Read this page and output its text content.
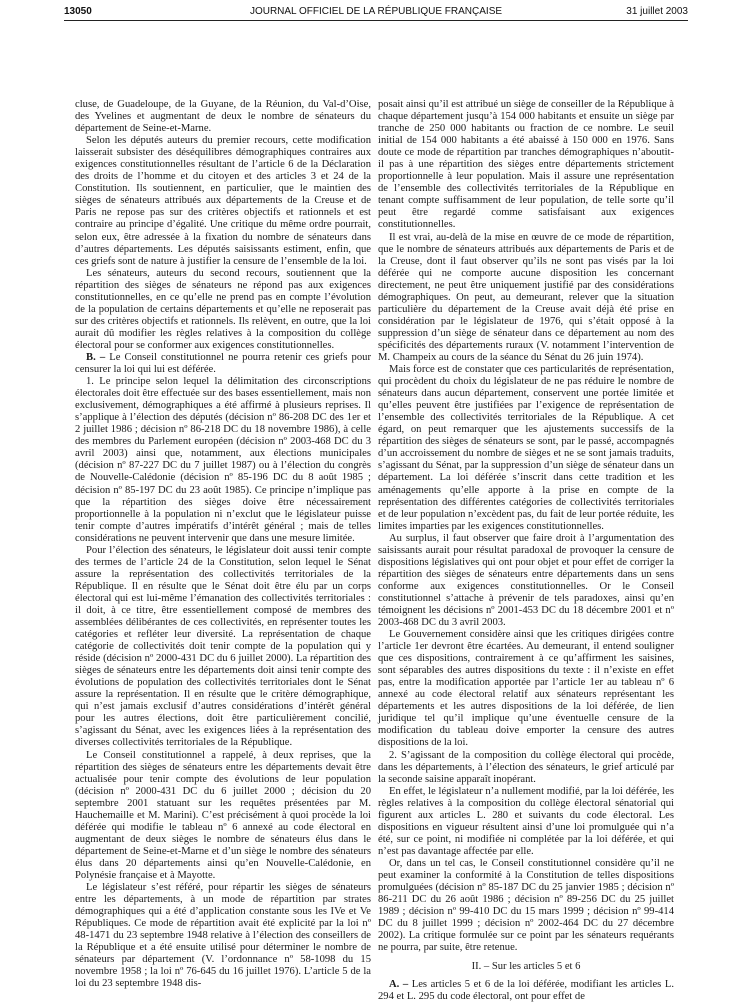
13050	JOURNAL OFFICIEL DE LA RÉPUBLIQUE FRANÇAISE	31 juillet 2003

cluse, de Guadeloupe, de la Guyane, de la Réunion, du Val-d’Oise, des Yvelines et augmentant de deux le nombre de sénateurs du département de Seine-et-Marne.

Selon les députés auteurs du premier recours, cette modification laisserait subsister des déséquilibres démographiques contraires aux exigences constitutionnelles résultant de l’article 6 de la Déclaration des droits de l’homme et du citoyen et des articles 3 et 24 de la Constitution. Ils soutiennent, en particulier, que le maintien des sièges de sénateurs attribués aux départements de la Creuse et de Paris ne repose pas sur des critères objectifs et rationnels et est contraire au principe d’égalité. Une critique du même ordre pourrait, selon eux, être adressée à la fixation du nombre de sénateurs dans d’autres départements. Les députés saisissants estiment, enfin, que ces griefs sont de nature à justifier la censure de l’ensemble de la loi.

Les sénateurs, auteurs du second recours, soutiennent que la répartition des sièges de sénateurs ne répond pas aux exigences constitutionnelles, en ce qu’elle ne prend pas en compte l’évolution de la population de certains départements et qu’elle ne reposerait pas sur des critères objectifs et rationnels. Ils relèvent, en outre, que la loi aurait dû modifier les règles relatives à la composition du collège électoral pour se conformer aux exigences constitutionnelles.

B. – Le Conseil constitutionnel ne pourra retenir ces griefs pour censurer la loi qui lui est déférée.

1. Le principe selon lequel la délimitation des circonscriptions électorales doit être effectuée sur des bases essentiellement, mais non exclusivement, démographiques a été affirmé à plusieurs reprises. Il s’applique à l’élection des députés (décision nº 86-208 DC des 1er et 2 juillet 1986 ; décision nº 86-218 DC du 18 novembre 1986), à celle des membres du Parlement européen (décision nº 2003-468 DC du 3 avril 2003) ainsi que, notamment, aux élections municipales (décision nº 87-227 DC du 7 juillet 1987) ou à l’élection du congrès de Nouvelle-Calédonie (décision nº 85-196 DC du 8 août 1985 ; décision nº 85-197 DC du 23 août 1985). Ce principe n’implique pas que la répartition des sièges doive être nécessairement proportionnelle à la population ni n’exclut que le législateur puisse tenir compte d’autres impératifs d’intérêt général ; mais de telles considérations ne peuvent intervenir que dans une mesure limitée.

Pour l’élection des sénateurs, le législateur doit aussi tenir compte des termes de l’article 24 de la Constitution, selon lequel le Sénat assure la représentation des collectivités territoriales de la République. Il en résulte que le Sénat doit être élu par un corps électoral qui est lui-même l’émanation des collectivités territoriales : il doit, à ce titre, être essentiellement composé de membres des assemblées délibérantes de ces collectivités, en représenter toutes les catégories et refléter leur diversité. La représentation de chaque catégorie de collectivités doit tenir compte de la population qui y réside (décision nº 2000-431 DC du 6 juillet 2000). La répartition des sièges de sénateurs entre les départements doit ainsi tenir compte des évolutions de population des collectivités territoriales dont le Sénat assure la représentation. Il en résulte que le critère démographique, qui n’est jamais exclusif d’autres considérations d’intérêt général pour les autres élections, doit être particulièrement concilié, s’agissant du Sénat, avec les exigences liées à la représentation des diverses collectivités territoriales de la République.

Le Conseil constitutionnel a rappelé, à deux reprises, que la répartition des sièges de sénateurs entre les départements devait être actualisée pour tenir compte des évolutions de leur population (décision nº 2000-431 DC du 6 juillet 2000 ; décision du 20 septembre 2001 statuant sur les requêtes présentées par M. Hauchemaille et M. Marini). C’est précisément à quoi procède la loi déférée qui modifie le tableau nº 6 annexé au code électoral en augmentant de deux sièges le nombre de sénateurs élus dans le département de Seine-et-Marne et d’un siège le nombre des sénateurs élus dans 20 départements ainsi qu’en Nouvelle-Calédonie, en Polynésie française et à Mayotte.

Le législateur s’est référé, pour répartir les sièges de sénateurs entre les départements, à un mode de répartition par strates démographiques qui a été d’application constante sous les IVe et Ve Républiques. Ce mode de répartition avait été explicité par la loi nº 48-1471 du 23 septembre 1948 relative à l’élection des conseillers de la République et a été ensuite utilisé pour déterminer le nombre de sénateurs par département (V. l’ordonnance nº 58-1098 du 15 novembre 1958 ; la loi nº 76-645 du 16 juillet 1976). L’article 5 de la loi du 23 septembre 1948 dis-

posait ainsi qu’il est attribué un siège de conseiller de la République à chaque département jusqu’à 154 000 habitants et ensuite un siège par tranche de 250 000 habitants ou fraction de ce nombre. Le seuil initial de 154 000 habitants a été abaissé à 150 000 en 1976. Sans doute ce mode de répartition par tranches démographiques n’aboutit-il pas à une répartition des sièges entre départements strictement proportionnelle à leur population. Mais il assure une représentation de l’ensemble des collectivités territoriales de la République en tenant compte suffisamment de leur population, de telle sorte qu’il peut être regardé comme satisfaisant aux exigences constitutionnelles.

Il est vrai, au-delà de la mise en œuvre de ce mode de répartition, que le nombre de sénateurs attribués aux départements de Paris et de la Creuse, dont il faut observer qu’ils ne sont pas visés par la loi déférée qui ne comporte aucune disposition les concernant directement, ne peut être uniquement justifié par des considérations démographiques. On peut, au demeurant, relever que la situation particulière du département de la Creuse avait déjà été prise en considération par le législateur de 1976, qui s’était opposé à la suppression d’un siège de sénateur dans ce département au nom des spécificités des départements ruraux (V. notamment l’intervention de M. Champeix au cours de la séance du Sénat du 26 juin 1974).

Mais force est de constater que ces particularités de représentation, qui procèdent du choix du législateur de ne pas réduire le nombre de sénateurs dans aucun département, conservent une portée limitée et qu’elles peuvent être justifiées par l’exigence de représentation de l’ensemble des collectivités territoriales de la République. A cet égard, on peut remarquer que les ajustements successifs de la répartition des sièges de sénateurs se sont, par le passé, accompagnés d’un accroissement du nombre de sièges et ne se sont jamais traduits, s’agissant du Sénat, par la suppression d’un siège de sénateur dans un département. La loi déférée s’inscrit dans cette tradition et les aménagements qu’elle apporte à la prise en compte de la représentation des différentes catégories de collectivités territoriales et de leur population n’excèdent pas, du fait de leur portée réduite, les limites imparties par les exigences constitutionnelles.

Au surplus, il faut observer que faire droit à l’argumentation des saisissants aurait pour résultat paradoxal de provoquer la censure de dispositions législatives qui ont pour objet et pour effet de corriger la répartition des sièges de sénateurs entre départements dans un sens conforme aux exigences constitutionnelles. Or le Conseil constitutionnel s’attache à prévenir de tels paradoxes, ainsi qu’en témoignent les décisions nº 2001-453 DC du 18 décembre 2001 et nº 2003-468 DC du 3 avril 2003.

Le Gouvernement considère ainsi que les critiques dirigées contre l’article 1er devront être écartées. Au demeurant, il entend souligner que ces dispositions, contrairement à ce qu’affirment les saisines, sont séparables des autres dispositions du texte : il n’existe en effet pas, entre la modification apportée par l’article 1er au tableau nº 6 annexé au code électoral relatif aux sénateurs représentant les départements et les autres dispositions de la loi déférée, de lien juridique tel qu’il implique qu’une éventuelle censure de la modification du tableau doive emporter la censure des autres dispositions de la loi.

2. S’agissant de la composition du collège électoral qui procède, dans les départements, à l’élection des sénateurs, le grief articulé par la seconde saisine apparaît inopérant.

En effet, le législateur n’a nullement modifié, par la loi déférée, les règles relatives à la composition du collège électoral sénatorial qui figurent aux articles L. 280 et suivants du code électoral. Les dispositions en vigueur résultent ainsi d’une loi promulguée qui n’a été, sur ce point, ni modifiée ni complétée par la loi déférée, et qui n’est pas davantage affectée par elle.

Or, dans un tel cas, le Conseil constitutionnel considère qu’il ne peut examiner la conformité à la Constitution de telles dispositions promulguées (décision nº 85-187 DC du 25 janvier 1985 ; décision nº 86-211 DC du 26 août 1986 ; décision nº 89-256 DC du 25 juillet 1989 ; décision nº 99-410 DC du 15 mars 1999 ; décision nº 99-414 DC du 8 juillet 1999 ; décision nº 2002-464 DC du 27 décembre 2002). La critique formulée sur ce point par les sénateurs requérants ne pourra, par suite, être retenue.

II. – Sur les articles 5 et 6

A. – Les articles 5 et 6 de la loi déférée, modifiant les articles L. 294 et L. 295 du code électoral, ont pour effet de
